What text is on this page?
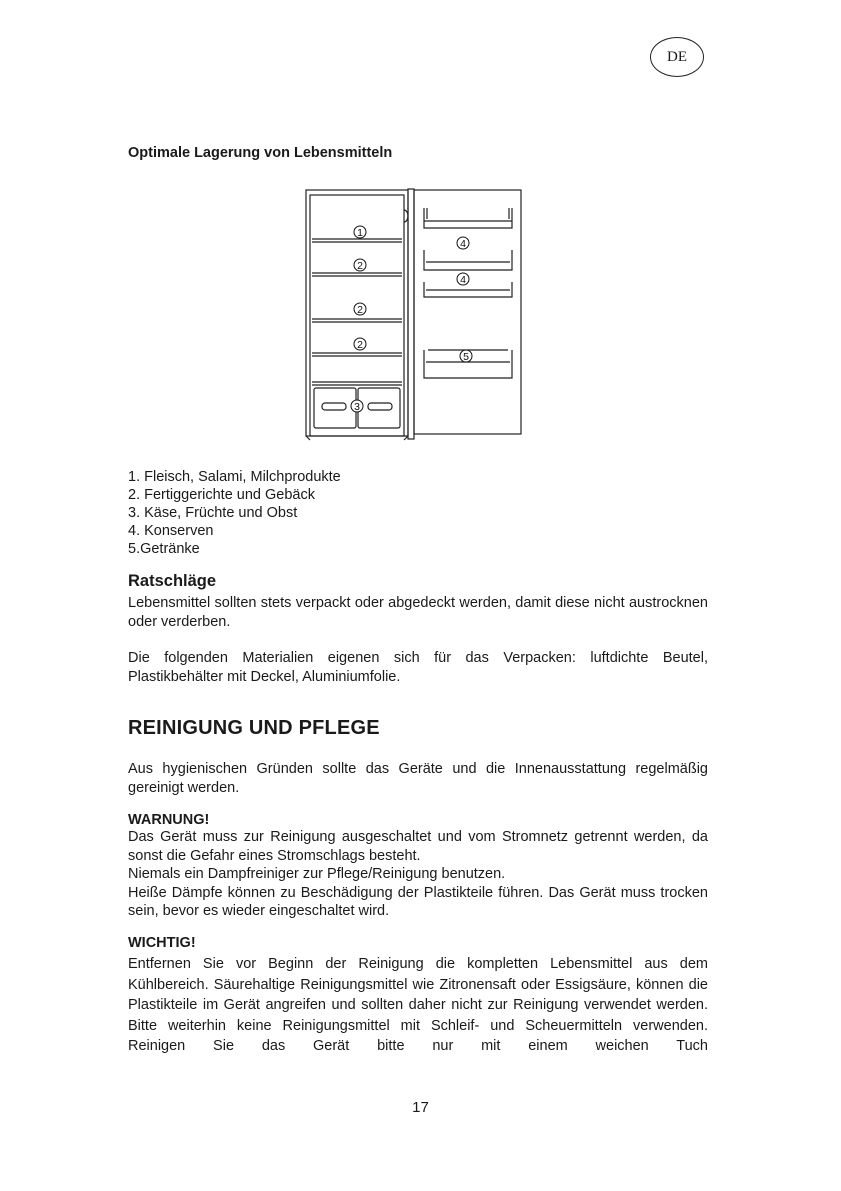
DE
Optimale Lagerung von Lebensmitteln
1
2
2
2
3
4
4
5
1. Fleisch, Salami, Milchprodukte
2. Fertiggerichte und Gebäck
3. Käse, Früchte und Obst
4. Konserven
5.Getränke
Ratschläge

Lebensmittel sollten stets verpackt oder abgedeckt werden, damit diese nicht austrocknen oder verderben.

Die folgenden Materialien eigenen sich für das Verpacken: luftdichte Beutel, Plastikbehälter mit Deckel, Aluminiumfolie.

REINIGUNG UND PFLEGE

Aus hygienischen Gründen sollte das Geräte und die Innenausstattung regelmäßig gereinigt werden.

WARNUNG!

Das Gerät muss zur Reinigung ausgeschaltet und vom Stromnetz getrennt werden, da sonst die Gefahr eines Stromschlags besteht.

Niemals ein Dampfreiniger zur Pflege/Reinigung benutzen.

Heiße Dämpfe können zu Beschädigung der Plastikteile führen. Das Gerät muss trocken sein, bevor es wieder eingeschaltet wird.

WICHTIG!

Entfernen Sie vor Beginn der Reinigung die kompletten Lebensmittel aus dem Kühlbereich. Säurehaltige Reinigungsmittel wie Zitronensaft oder Essigsäure, können die Plastikteile im Gerät angreifen und sollten daher nicht zur Reinigung verwendet werden. Bitte weiterhin keine Reinigungsmittel mit Schleif- und Scheuermitteln verwenden. Reinigen Sie das Gerät bitte nur mit einem weichen Tuch

17
